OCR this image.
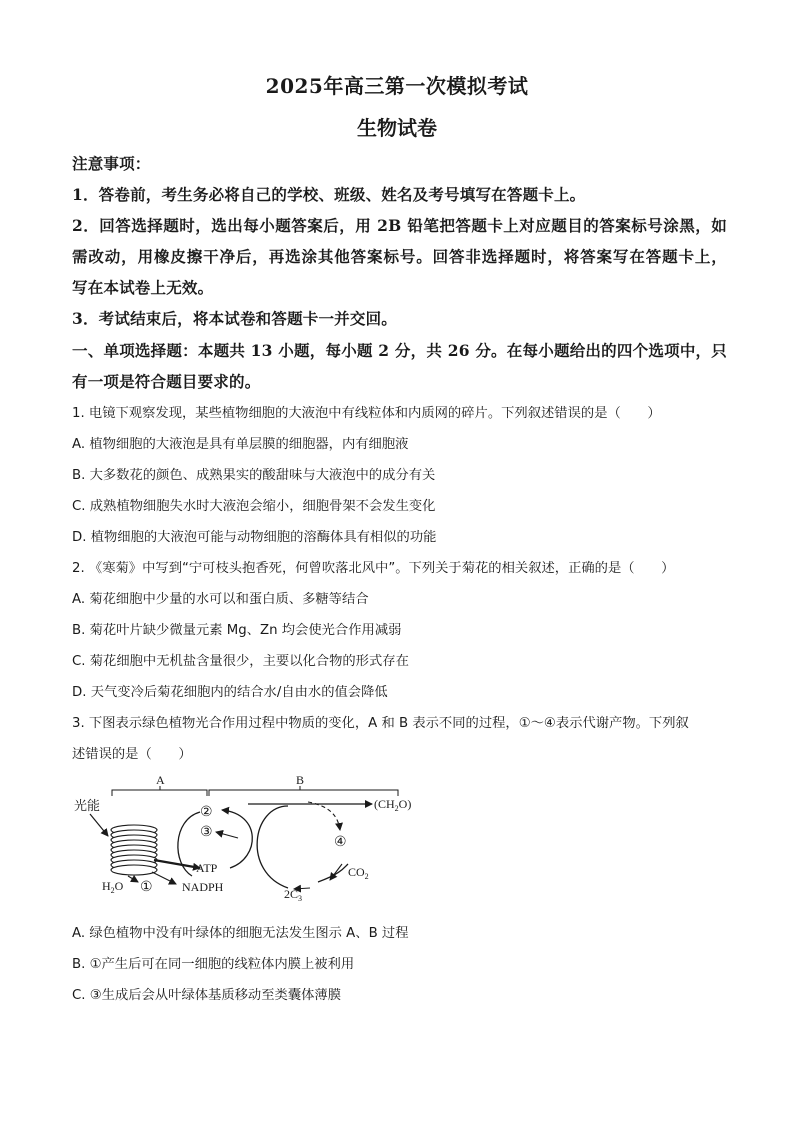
2025年高三第一次模拟考试
生物试卷
注意事项：
1．答卷前，考生务必将自己的学校、班级、姓名及考号填写在答题卡上。
2．回答选择题时，选出每小题答案后，用 2B 铅笔把答题卡上对应题目的答案标号涂黑，如
需改动，用橡皮擦干净后，再选涂其他答案标号。回答非选择题时，将答案写在答题卡上，
写在本试卷上无效。
3．考试结束后，将本试卷和答题卡一并交回。
一、单项选择题：本题共 13 小题，每小题 2 分，共 26 分。在每小题给出的四个选项中，只
有一项是符合题目要求的。
1. 电镜下观察发现，某些植物细胞的大液泡中有线粒体和内质网的碎片。下列叙述错误的是（　　）
A. 植物细胞的大液泡是具有单层膜的细胞器，内有细胞液
B. 大多数花的颜色、成熟果实的酸甜味与大液泡中的成分有关
C. 成熟植物细胞失水时大液泡会缩小，细胞骨架不会发生变化
D. 植物细胞的大液泡可能与动物细胞的溶酶体具有相似的功能
2. 《寒菊》中写到“宁可枝头抱香死，何曾吹落北风中”。下列关于菊花的相关叙述，正确的是（　　）
A. 菊花细胞中少量的水可以和蛋白质、多糖等结合
B. 菊花叶片缺少微量元素 Mg、Zn 均会使光合作用减弱
C. 菊花细胞中无机盐含量很少，主要以化合物的形式存在
D. 天气变冷后菊花细胞内的结合水/自由水的值会降低
3. 下图表示绿色植物光合作用过程中物质的变化，A 和 B 表示不同的过程，①～④表示代谢产物。下列叙
述错误的是（　　）
A	B
光能
$H_2O$ ①
②
③
ATP
NADPH
$(CH_2O)$
④
$CO_2$
$2C_3$
A. 绿色植物中没有叶绿体的细胞无法发生图示 A、B 过程
B. ①产生后可在同一细胞的线粒体内膜上被利用
C. ③生成后会从叶绿体基质移动至类囊体薄膜
